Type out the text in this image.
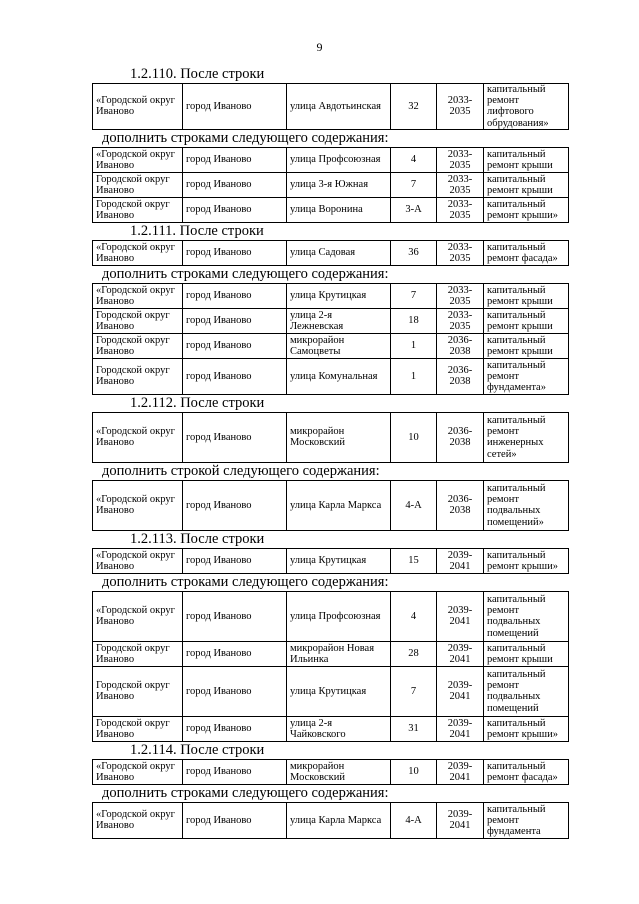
9

1.2.110. После строки

«Городской округ Иваново	город Иваново	улица Авдотьинская	32	2033-2035	капитальный ремонт лифтового обрудования»

дополнить строками следующего содержания:

«Городской округ Иваново	город Иваново	улица Профсоюзная	4	2033-2035	капитальный ремонт крыши
Городской округ Иваново	город Иваново	улица 3-я Южная	7	2033-2035	капитальный ремонт крыши
Городской округ Иваново	город Иваново	улица Воронина	3-А	2033-2035	капитальный ремонт крыши»

1.2.111. После строки

«Городской округ Иваново	город Иваново	улица Садовая	36	2033-2035	капитальный ремонт фасада»

дополнить строками следующего содержания:

«Городской округ Иваново	город Иваново	улица Крутицкая	7	2033-2035	капитальный ремонт крыши
Городской округ Иваново	город Иваново	улица 2-я Лежневская	18	2033-2035	капитальный ремонт крыши
Городской округ Иваново	город Иваново	микрорайон Самоцветы	1	2036-2038	капитальный ремонт крыши
Городской округ Иваново	город Иваново	улица Комунальная	1	2036-2038	капитальный ремонт фундамента»

1.2.112. После строки

«Городской округ Иваново	город Иваново	микрорайон Московский	10	2036-2038	капитальный ремонт инженерных сетей»

дополнить строкой следующего содержания:

«Городской округ Иваново	город Иваново	улица Карла Маркса	4-А	2036-2038	капитальный ремонт подвальных помещений»

1.2.113. После строки

«Городской округ Иваново	город Иваново	улица Крутицкая	15	2039-2041	капитальный ремонт крыши»

дополнить строками следующего содержания:

«Городской округ Иваново	город Иваново	улица Профсоюзная	4	2039-2041	капитальный ремонт подвальных помещений
Городской округ Иваново	город Иваново	микрорайон Новая Ильинка	28	2039-2041	капитальный ремонт крыши
Городской округ Иваново	город Иваново	улица Крутицкая	7	2039-2041	капитальный ремонт подвальных помещений
Городской округ Иваново	город Иваново	улица 2-я Чайковского	31	2039-2041	капитальный ремонт крыши»

1.2.114. После строки

«Городской округ Иваново	город Иваново	микрорайон Московский	10	2039-2041	капитальный ремонт фасада»

дополнить строками следующего содержания:

«Городской округ Иваново	город Иваново	улица Карла Маркса	4-А	2039-2041	капитальный ремонт фундамента
